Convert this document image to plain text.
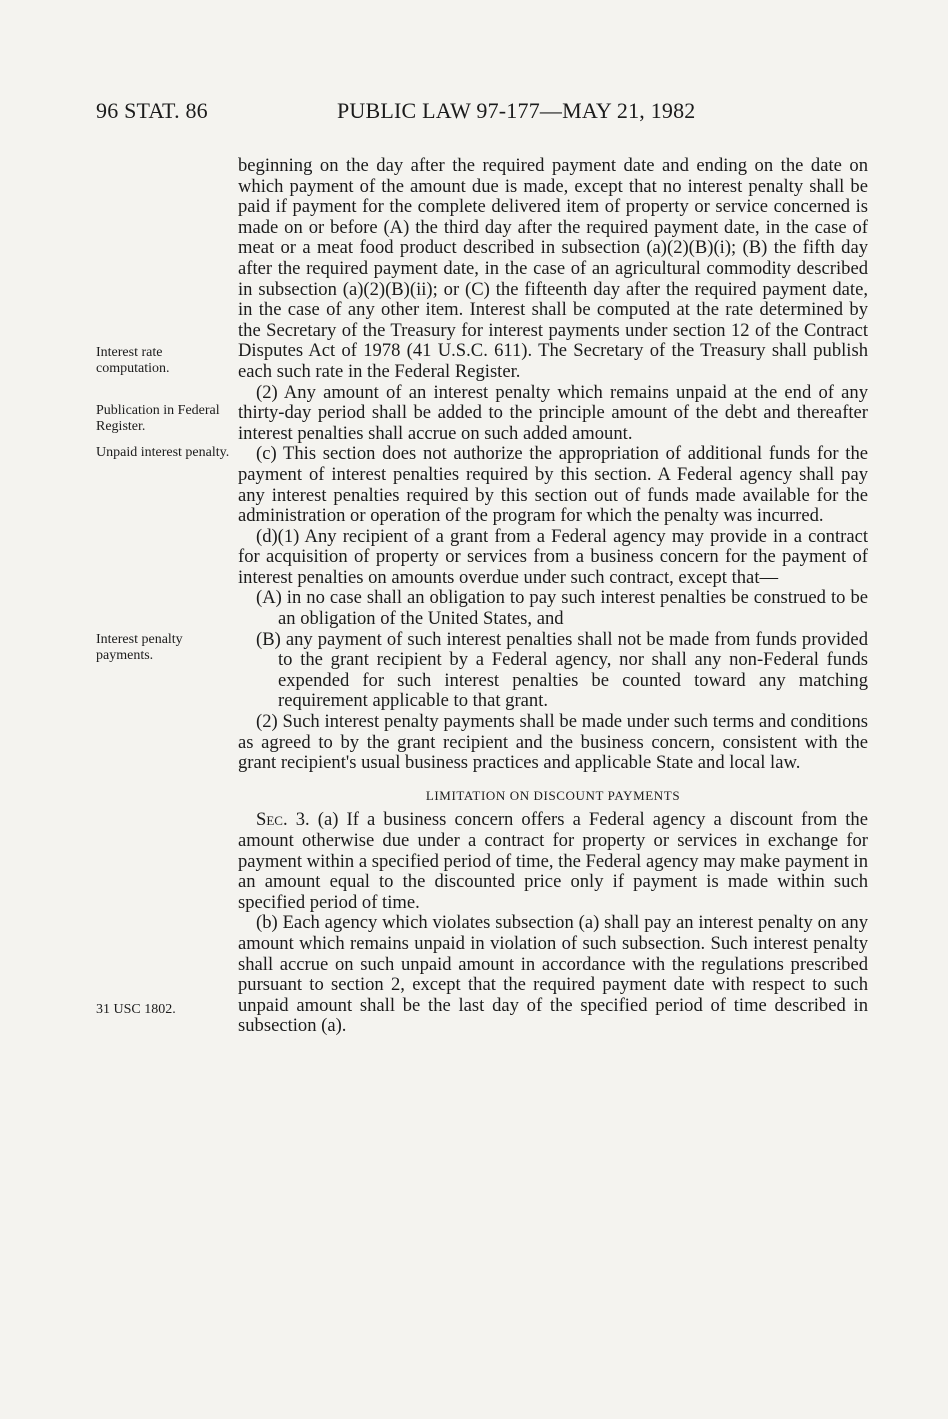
96 STAT. 86	PUBLIC LAW 97-177—MAY 21, 1982
Interest rate computation.
Publication in Federal Register.
Unpaid interest penalty.
Interest penalty payments.
31 USC 1802.

beginning on the day after the required payment date and ending on the date on which payment of the amount due is made, except that no interest penalty shall be paid if payment for the complete delivered item of property or service concerned is made on or before (A) the third day after the required payment date, in the case of meat or a meat food product described in subsection (a)(2)(B)(i); (B) the fifth day after the required payment date, in the case of an agricultural commodity described in subsection (a)(2)(B)(ii); or (C) the fifteenth day after the required payment date, in the case of any other item. Interest shall be computed at the rate determined by the Secretary of the Treasury for interest payments under section 12 of the Contract Disputes Act of 1978 (41 U.S.C. 611). The Secretary of the Treasury shall publish each such rate in the Federal Register.

(2) Any amount of an interest penalty which remains unpaid at the end of any thirty-day period shall be added to the principle amount of the debt and thereafter interest penalties shall accrue on such added amount.

(c) This section does not authorize the appropriation of additional funds for the payment of interest penalties required by this section. A Federal agency shall pay any interest penalties required by this section out of funds made available for the administration or operation of the program for which the penalty was incurred.

(d)(1) Any recipient of a grant from a Federal agency may provide in a contract for acquisition of property or services from a business concern for the payment of interest penalties on amounts overdue under such contract, except that—

(A) in no case shall an obligation to pay such interest penalties be construed to be an obligation of the United States, and

(B) any payment of such interest penalties shall not be made from funds provided to the grant recipient by a Federal agency, nor shall any non-Federal funds expended for such interest penalties be counted toward any matching requirement applicable to that grant.

(2) Such interest penalty payments shall be made under such terms and conditions as agreed to by the grant recipient and the business concern, consistent with the grant recipient's usual business practices and applicable State and local law.

LIMITATION ON DISCOUNT PAYMENTS

Sec. 3. (a) If a business concern offers a Federal agency a discount from the amount otherwise due under a contract for property or services in exchange for payment within a specified period of time, the Federal agency may make payment in an amount equal to the discounted price only if payment is made within such specified period of time.

(b) Each agency which violates subsection (a) shall pay an interest penalty on any amount which remains unpaid in violation of such subsection. Such interest penalty shall accrue on such unpaid amount in accordance with the regulations prescribed pursuant to section 2, except that the required payment date with respect to such unpaid amount shall be the last day of the specified period of time described in subsection (a).
